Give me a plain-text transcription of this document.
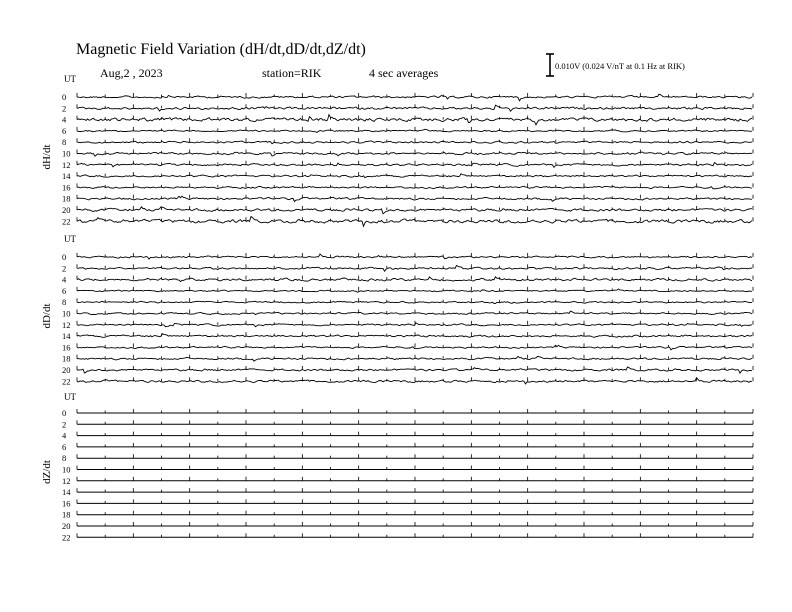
Magnetic Field Variation (dH/dt,dD/dt,dZ/dt)
Aug,2 , 2023	station=RIK	4 sec averages	0.010V (0.024 V/nT at 0.1 Hz at RIK)
UT
dH/dt
0
2
4
6
8
10
12
14
16
18
20
22
UT
dD/dt
0
2
4
6
8
10
12
14
16
18
20
22
UT
dZ/dt
0
2
4
6
8
10
12
14
16
18
20
22
